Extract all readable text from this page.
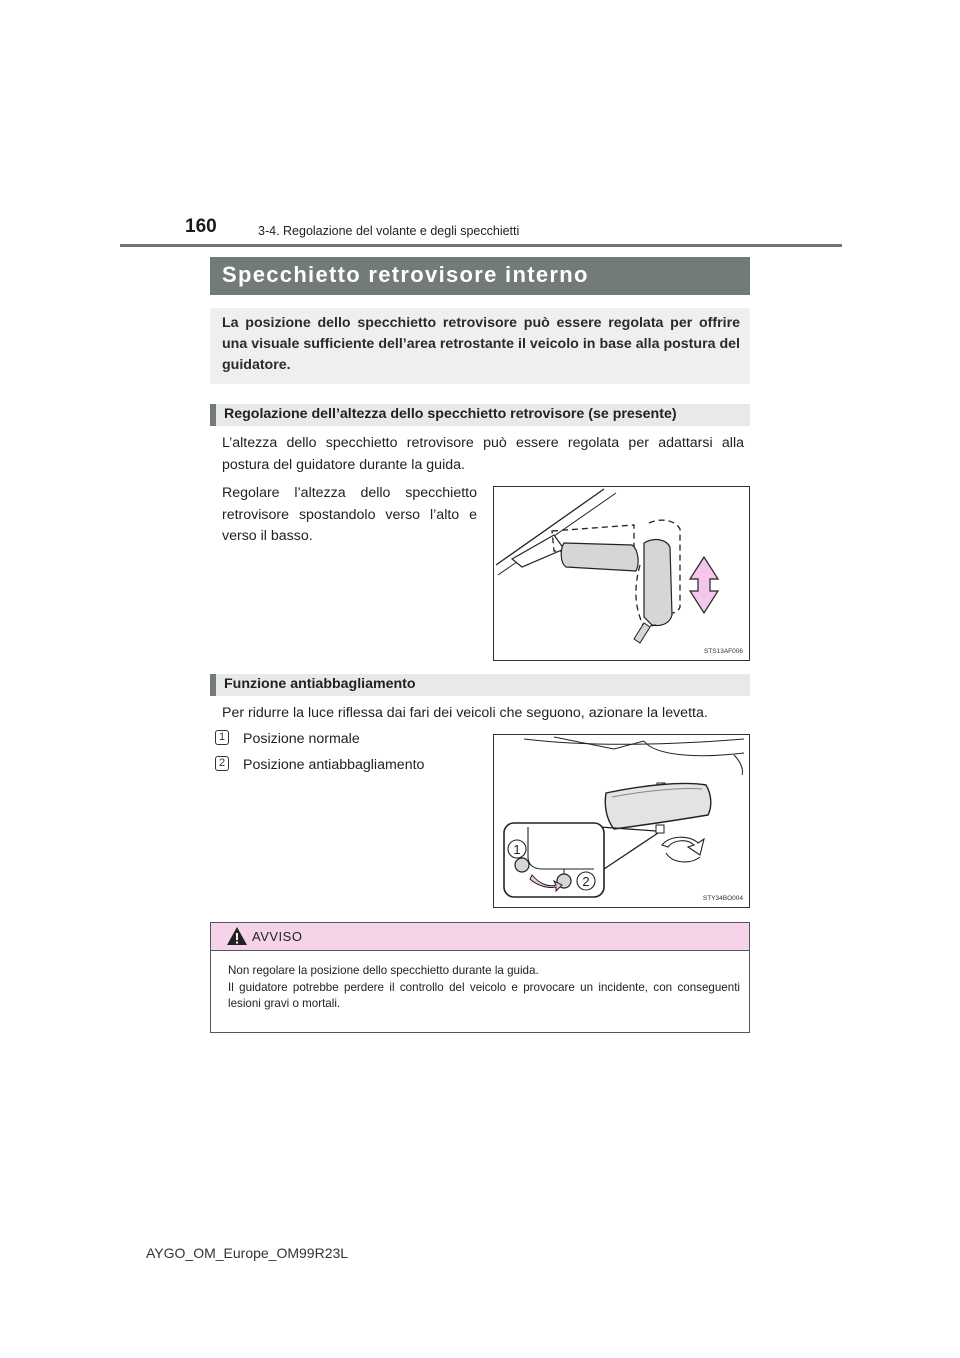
160	3-4. Regolazione del volante e degli specchietti
Specchietto retrovisore interno
La posizione dello specchietto retrovisore può essere regolata per offrire una visuale sufficiente dell’area retrostante il veicolo in base alla postura del guidatore.
Regolazione dell’altezza dello specchietto retrovisore (se presente)
L’altezza dello specchietto retrovisore può essere regolata per adattarsi alla postura del guidatore durante la guida.
Regolare l’altezza dello specchietto retrovisore spostandolo verso l’alto e verso il basso.
STS13AF006
Funzione antiabbagliamento
Per ridurre la luce riflessa dai fari dei veicoli che seguono, azionare la levetta.
1 Posizione normale
2 Posizione antiabbagliamento
1
2
STY34BO004
AVVISO
Non regolare la posizione dello specchietto durante la guida.
Il guidatore potrebbe perdere il controllo del veicolo e provocare un incidente, con conseguenti lesioni gravi o mortali.
AYGO_OM_Europe_OM99R23L
